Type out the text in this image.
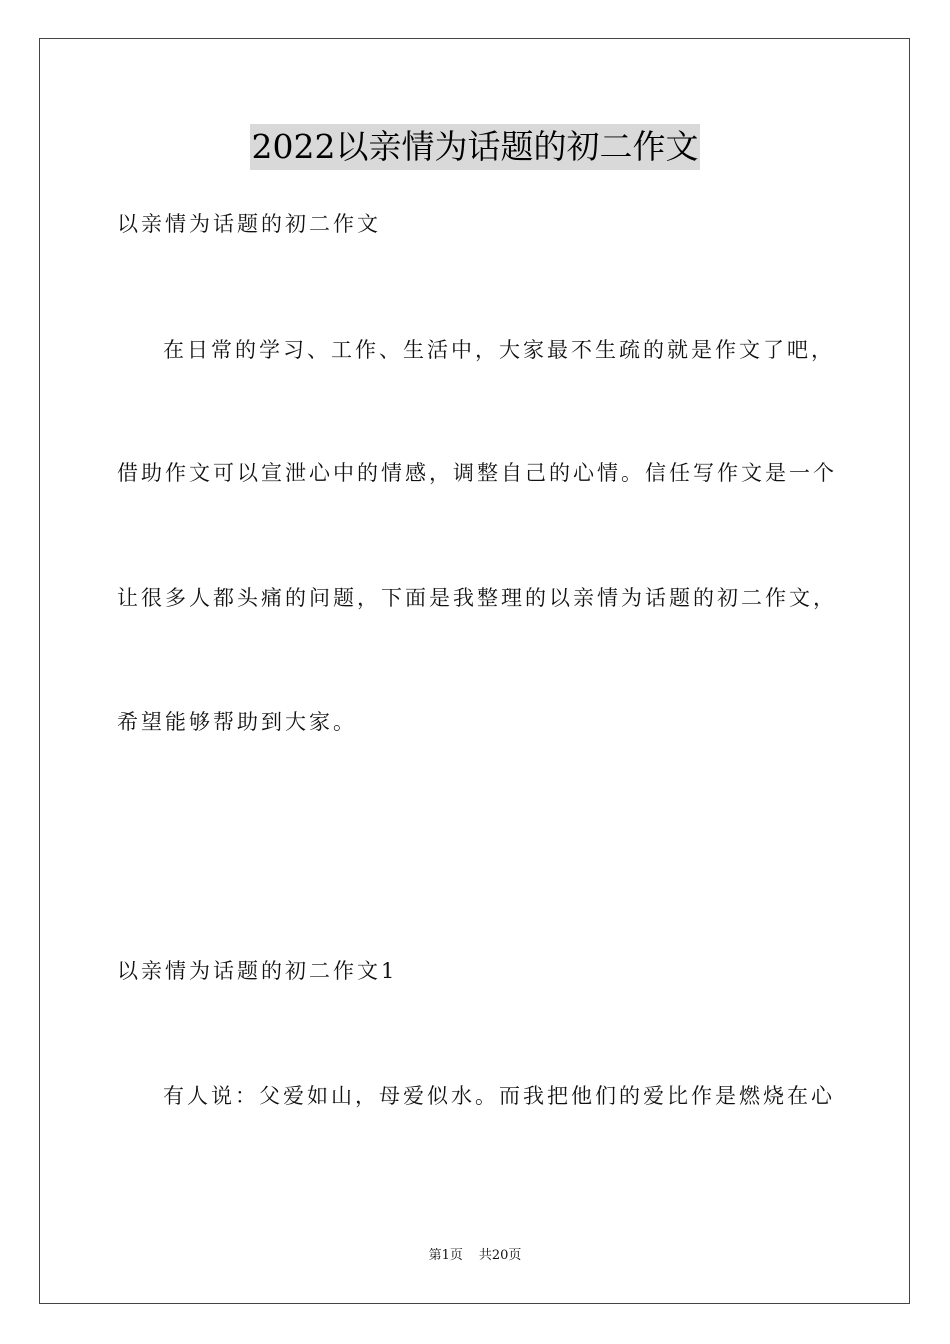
2022以亲情为话题的初二作文
以亲情为话题的初二作文
在日常的学习、工作、生活中，大家最不生疏的就是作文了吧，
借助作文可以宣泄心中的情感，调整自己的心情。信任写作文是一个
让很多人都头痛的问题，下面是我整理的以亲情为话题的初二作文，
希望能够帮助到大家。
以亲情为话题的初二作文1
有人说：父爱如山，母爱似水。而我把他们的爱比作是燃烧在心
第1页 共20页
